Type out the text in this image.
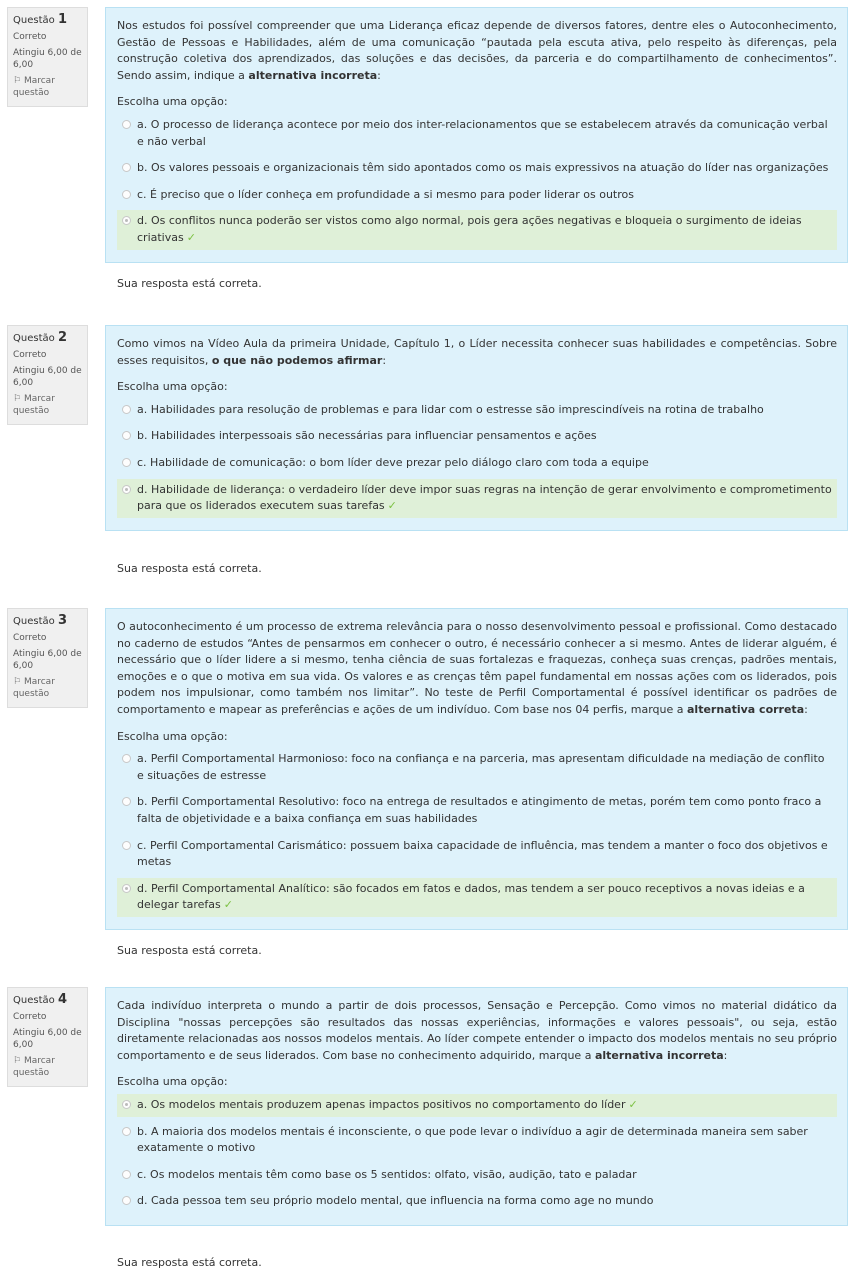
Questão 1
Correto
Atingiu 6,00 de 6,00
⚐ Marcar questão
Nos estudos foi possível compreender que uma Liderança eficaz depende de diversos fatores, dentre eles o Autoconhecimento, Gestão de Pessoas e Habilidades, além de uma comunicação “pautada pela escuta ativa, pelo respeito às diferenças, pela construção coletiva dos aprendizados, das soluções e das decisões, da parceria e do compartilhamento de conhecimentos”. Sendo assim, indique a alternativa incorreta:
Escolha uma opção:
a. O processo de liderança acontece por meio dos inter-relacionamentos que se estabelecem através da comunicação verbal e não verbal
b. Os valores pessoais e organizacionais têm sido apontados como os mais expressivos na atuação do líder nas organizações
c. É preciso que o líder conheça em profundidade a si mesmo para poder liderar os outros
d. Os conflitos nunca poderão ser vistos como algo normal, pois gera ações negativas e bloqueia o surgimento de ideias criativas ✓
Sua resposta está correta.
Questão 2
Correto
Atingiu 6,00 de 6,00
⚐ Marcar questão
Como vimos na Vídeo Aula da primeira Unidade, Capítulo 1, o Líder necessita conhecer suas habilidades e competências. Sobre esses requisitos, o que não podemos afirmar:
Escolha uma opção:
a. Habilidades para resolução de problemas e para lidar com o estresse são imprescindíveis na rotina de trabalho
b. Habilidades interpessoais são necessárias para influenciar pensamentos e ações
c. Habilidade de comunicação: o bom líder deve prezar pelo diálogo claro com toda a equipe
d. Habilidade de liderança: o verdadeiro líder deve impor suas regras na intenção de gerar envolvimento e comprometimento para que os liderados executem suas tarefas ✓
Sua resposta está correta.
Questão 3
Correto
Atingiu 6,00 de 6,00
⚐ Marcar questão
O autoconhecimento é um processo de extrema relevância para o nosso desenvolvimento pessoal e profissional. Como destacado no caderno de estudos “Antes de pensarmos em conhecer o outro, é necessário conhecer a si mesmo. Antes de liderar alguém, é necessário que o líder lidere a si mesmo, tenha ciência de suas fortalezas e fraquezas, conheça suas crenças, padrões mentais, emoções e o que o motiva em sua vida. Os valores e as crenças têm papel fundamental em nossas ações com os liderados, pois podem nos impulsionar, como também nos limitar”. No teste de Perfil Comportamental é possível identificar os padrões de comportamento e mapear as preferências e ações de um indivíduo. Com base nos 04 perfis, marque a alternativa correta:
Escolha uma opção:
a. Perfil Comportamental Harmonioso: foco na confiança e na parceria, mas apresentam dificuldade na mediação de conflito e situações de estresse
b. Perfil Comportamental Resolutivo: foco na entrega de resultados e atingimento de metas, porém tem como ponto fraco a falta de objetividade e a baixa confiança em suas habilidades
c. Perfil Comportamental Carismático: possuem baixa capacidade de influência, mas tendem a manter o foco dos objetivos e metas
d. Perfil Comportamental Analítico: são focados em fatos e dados, mas tendem a ser pouco receptivos a novas ideias e a delegar tarefas ✓
Sua resposta está correta.
Questão 4
Correto
Atingiu 6,00 de 6,00
⚐ Marcar questão
Cada indivíduo interpreta o mundo a partir de dois processos, Sensação e Percepção. Como vimos no material didático da Disciplina "nossas percepções são resultados das nossas experiências, informações e valores pessoais", ou seja, estão diretamente relacionadas aos nossos modelos mentais. Ao líder compete entender o impacto dos modelos mentais no seu próprio comportamento e de seus liderados. Com base no conhecimento adquirido, marque a alternativa incorreta:
Escolha uma opção:
a. Os modelos mentais produzem apenas impactos positivos no comportamento do líder ✓
b. A maioria dos modelos mentais é inconsciente, o que pode levar o indivíduo a agir de determinada maneira sem saber exatamente o motivo
c. Os modelos mentais têm como base os 5 sentidos: olfato, visão, audição, tato e paladar
d. Cada pessoa tem seu próprio modelo mental, que influencia na forma como age no mundo
Sua resposta está correta.
